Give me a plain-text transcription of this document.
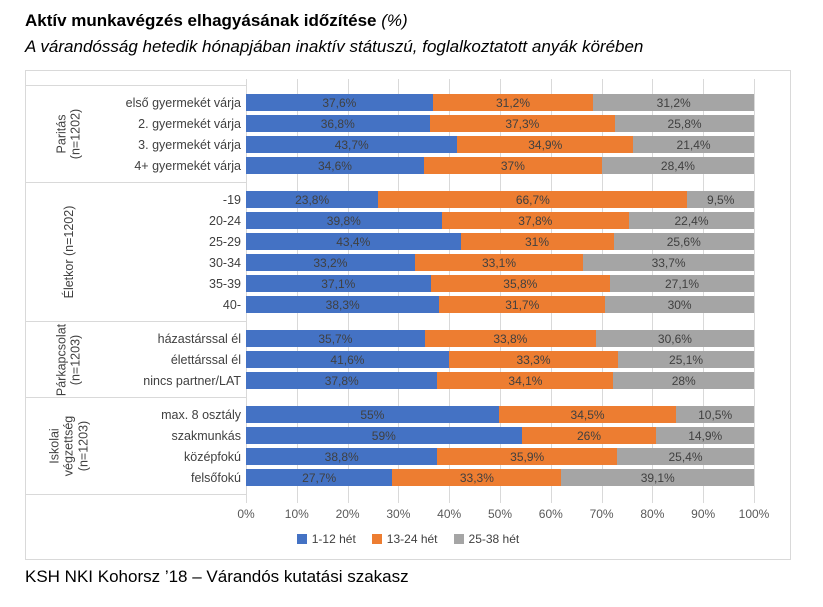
Aktív munkavégzés elhagyásának időzítése (%)
A várandósság hetedik hónapjában inaktív státuszú, foglalkoztatott anyák körében
Paritás (n=1202)
első gyermekét várja	37,6%	31,2%	31,2%
2. gyermekét várja	36,8%	37,3%	25,8%
3. gyermekét várja	43,7%	34,9%	21,4%
4+ gyermekét várja	34,6%	37%	28,4%
Életkor (n=1202)
-19	23,8%	66,7%	9,5%
20-24	39,8%	37,8%	22,4%
25-29	43,4%	31%	25,6%
30-34	33,2%	33,1%	33,7%
35-39	37,1%	35,8%	27,1%
40-	38,3%	31,7%	30%
Párkapcsolat (n=1203)	házastárssal él	35,7%	33,8%	30,6%
élettárssal él	41,6%	33,3%	25,1%
nincs partner/LAT	37,8%	34,1%	28%
Iskolai végzettség (n=1203)
max. 8 osztály	55%	34,5%	10,5%
szakmunkás	59%	26%	14,9%
középfokú	38,8%	35,9%	25,4%
felsőfokú	27,7%	33,3%	39,1%
0%	10% 20% 30% 40% 50% 60% 70% 80% 90% 100%
1-12 hét	13-24 hét	25-38 hét
KSH NKI Kohorsz ’18 – Várandós kutatási szakasz
